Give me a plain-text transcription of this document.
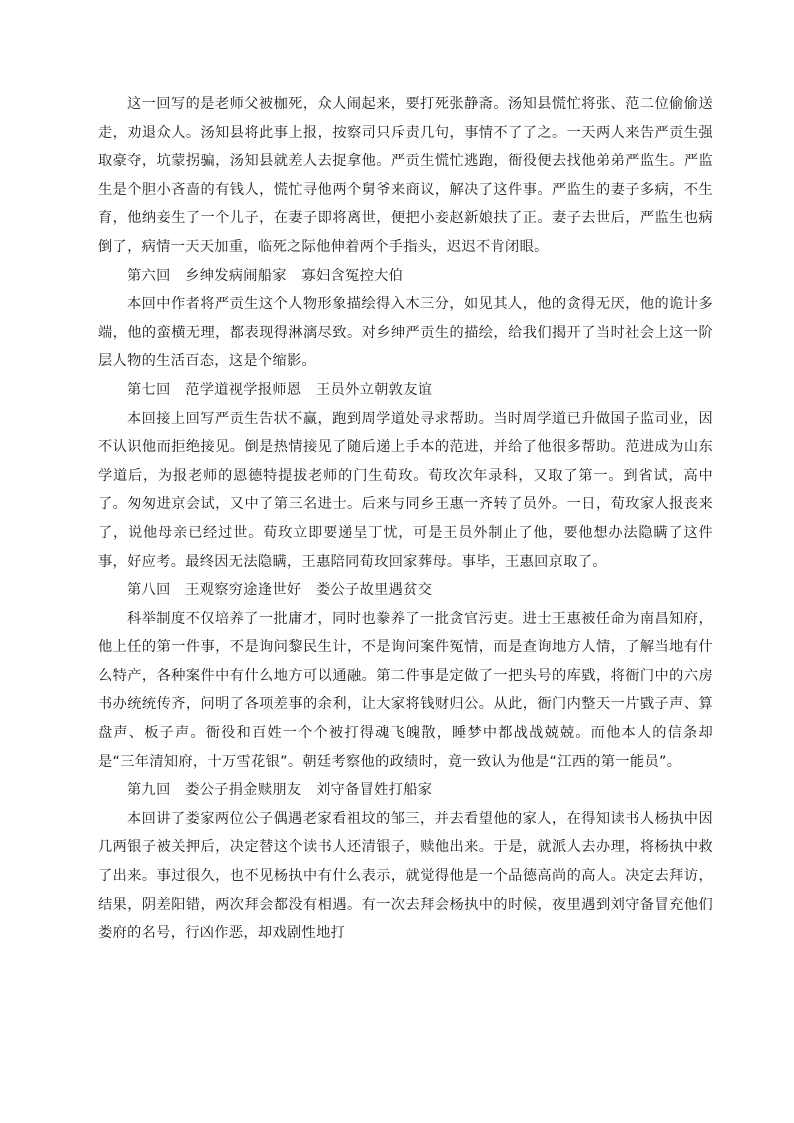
这一回写的是老师父被枷死，众人闹起来，要打死张静斋。汤知县慌忙将张、范二位偷偷送走，劝退众人。汤知县将此事上报，按察司只斥责几句，事情不了了之。一天两人来告严贡生强取豪夺，坑蒙拐骗，汤知县就差人去捉拿他。严贡生慌忙逃跑，衙役便去找他弟弟严监生。严监生是个胆小吝啬的有钱人，慌忙寻他两个舅爷来商议，解决了这件事。严监生的妻子多病，不生育，他纳妾生了一个儿子，在妻子即将离世，便把小妾赵新娘扶了正。妻子去世后，严监生也病倒了，病情一天天加重，临死之际他伸着两个手指头，迟迟不肯闭眼。

第六回　乡绅发病闹船家　寡妇含冤控大伯

本回中作者将严贡生这个人物形象描绘得入木三分，如见其人，他的贪得无厌，他的诡计多端，他的蛮横无理，都表现得淋漓尽致。对乡绅严贡生的描绘，给我们揭开了当时社会上这一阶层人物的生活百态，这是个缩影。

第七回　范学道视学报师恩　王员外立朝敦友谊

本回接上回写严贡生告状不赢，跑到周学道处寻求帮助。当时周学道已升做国子监司业，因不认识他而拒绝接见。倒是热情接见了随后递上手本的范进，并给了他很多帮助。范进成为山东学道后，为报老师的恩德特提拔老师的门生荀玫。荀玫次年录科，又取了第一。到省试，高中了。匆匆进京会试，又中了第三名进士。后来与同乡王惠一齐转了员外。一日，荀玫家人报丧来了，说他母亲已经过世。荀玫立即要递呈丁忧，可是王员外制止了他，要他想办法隐瞒了这件事，好应考。最终因无法隐瞒，王惠陪同荀玫回家葬母。事毕，王惠回京取了。

第八回　王观察穷途逢世好　娄公子故里遇贫交

科举制度不仅培养了一批庸才，同时也豢养了一批贪官污吏。进士王惠被任命为南昌知府，他上任的第一件事，不是询问黎民生计，不是询问案件冤情，而是查询地方人情，了解当地有什么特产，各种案件中有什么地方可以通融。第二件事是定做了一把头号的库戥，将衙门中的六房书办统统传齐，问明了各项差事的余利，让大家将钱财归公。从此，衙门内整天一片戥子声、算盘声、板子声。衙役和百姓一个个被打得魂飞魄散，睡梦中都战战兢兢。而他本人的信条却是“三年清知府，十万雪花银”。朝廷考察他的政绩时，竟一致认为他是“江西的第一能员”。

第九回　娄公子捐金赎朋友　刘守备冒姓打船家

本回讲了娄家两位公子偶遇老家看祖坟的邹三，并去看望他的家人，在得知读书人杨执中因几两银子被关押后，决定替这个读书人还清银子，赎他出来。于是，就派人去办理，将杨执中救了出来。事过很久，也不见杨执中有什么表示，就觉得他是一个品德高尚的高人。决定去拜访，结果，阴差阳错，两次拜会都没有相遇。有一次去拜会杨执中的时候，夜里遇到刘守备冒充他们娄府的名号，行凶作恶，却戏剧性地打
